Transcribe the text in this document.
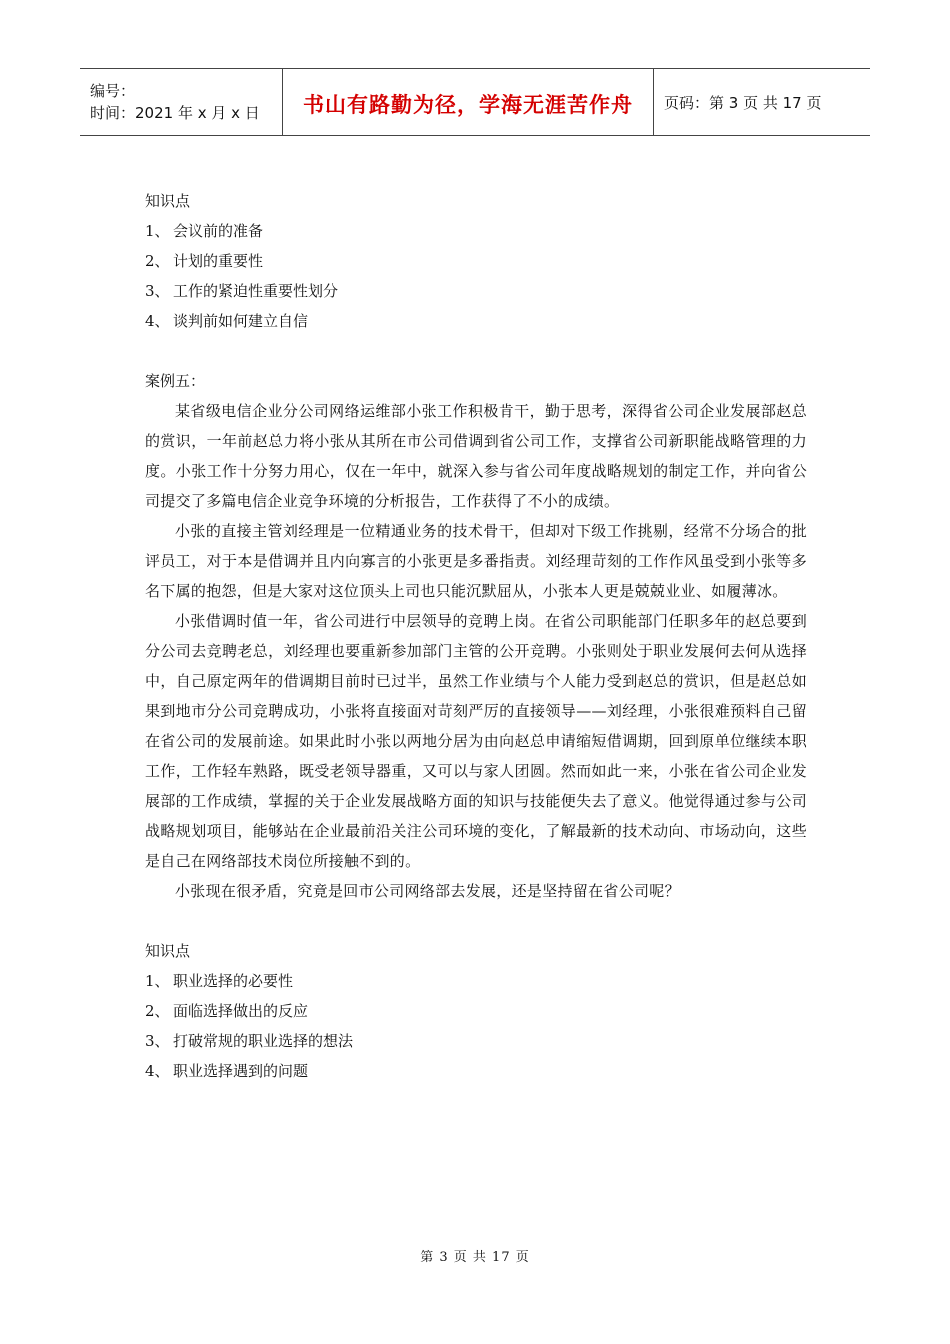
编号：
时间：2021 年 x 月 x 日	书山有路勤为径，学海无涯苦作舟 页码：第 3 页 共 17 页

知识点

1、 会议前的准备

2、 计划的重要性

3、 工作的紧迫性重要性划分

4、 谈判前如何建立自信

案例五：

某省级电信企业分公司网络运维部小张工作积极肯干，勤于思考，深得省公司企业发展部赵总的赏识，一年前赵总力将小张从其所在市公司借调到省公司工作，支撑省公司新职能战略管理的力度。小张工作十分努力用心，仅在一年中，就深入参与省公司年度战略规划的制定工作，并向省公司提交了多篇电信企业竞争环境的分析报告，工作获得了不小的成绩。

小张的直接主管刘经理是一位精通业务的技术骨干，但却对下级工作挑剔，经常不分场合的批评员工，对于本是借调并且内向寡言的小张更是多番指责。刘经理苛刻的工作作风虽受到小张等多名下属的抱怨，但是大家对这位顶头上司也只能沉默屈从，小张本人更是兢兢业业、如履薄冰。

小张借调时值一年，省公司进行中层领导的竞聘上岗。在省公司职能部门任职多年的赵总要到分公司去竞聘老总，刘经理也要重新参加部门主管的公开竞聘。小张则处于职业发展何去何从选择中，自己原定两年的借调期目前时已过半，虽然工作业绩与个人能力受到赵总的赏识，但是赵总如果到地市分公司竞聘成功，小张将直接面对苛刻严厉的直接领导——刘经理，小张很难预料自己留在省公司的发展前途。如果此时小张以两地分居为由向赵总申请缩短借调期，回到原单位继续本职工作，工作轻车熟路，既受老领导器重，又可以与家人团圆。然而如此一来，小张在省公司企业发展部的工作成绩，掌握的关于企业发展战略方面的知识与技能便失去了意义。他觉得通过参与公司战略规划项目，能够站在企业最前沿关注公司环境的变化，了解最新的技术动向、市场动向，这些是自己在网络部技术岗位所接触不到的。

小张现在很矛盾，究竟是回市公司网络部去发展，还是坚持留在省公司呢？

知识点

1、 职业选择的必要性

2、 面临选择做出的反应

3、 打破常规的职业选择的想法

4、 职业选择遇到的问题

第 3 页 共 17 页
